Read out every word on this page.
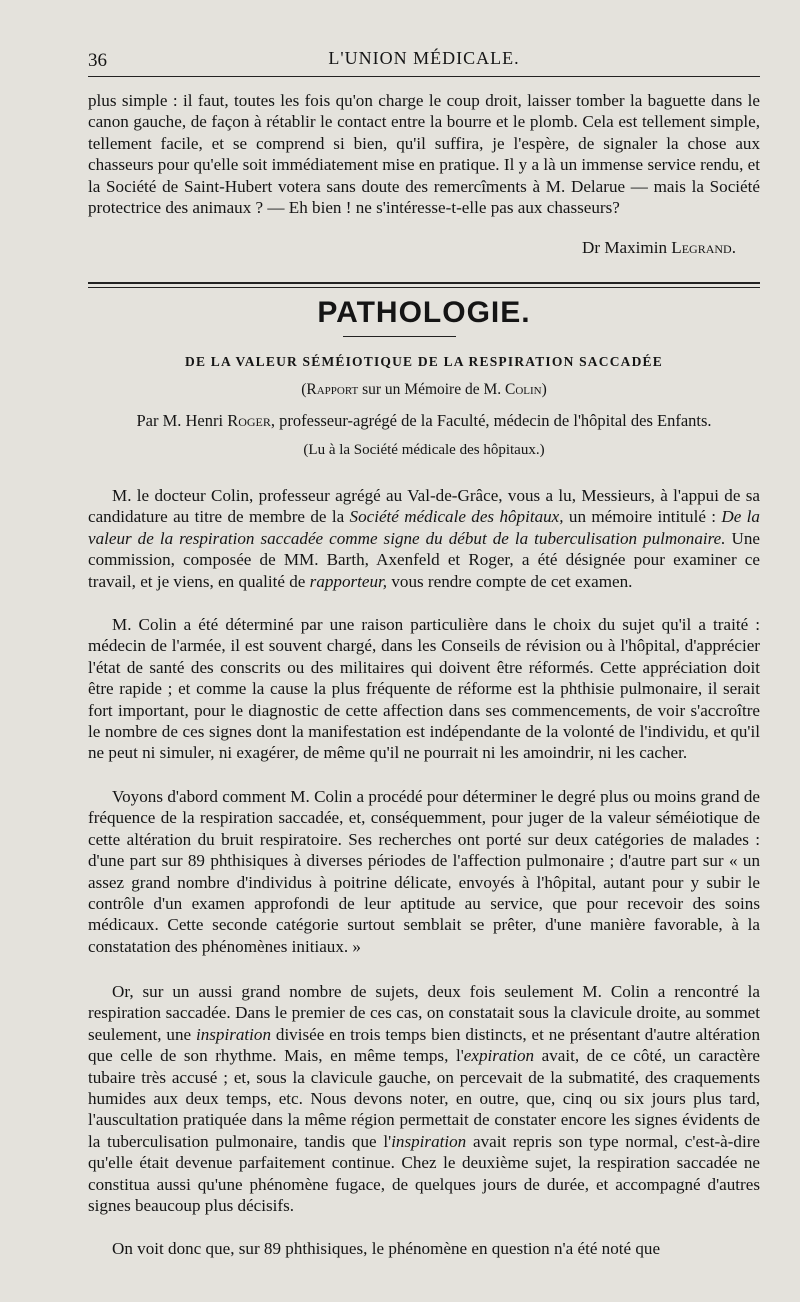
36	L'UNION MÉDICALE.

plus simple : il faut, toutes les fois qu'on charge le coup droit, laisser tomber la baguette dans le canon gauche, de façon à rétablir le contact entre la bourre et le plomb. Cela est tellement simple, tellement facile, et se comprend si bien, qu'il suffira, je l'espère, de signaler la chose aux chasseurs pour qu'elle soit immédiatement mise en pratique. Il y a là un immense service rendu, et la Société de Saint-Hubert votera sans doute des remercîments à M. Delarue — mais la Société protectrice des animaux ? — Eh bien ! ne s'intéresse-t-elle pas aux chasseurs?

Dr Maximin Legrand.
PATHOLOGIE.
DE LA VALEUR SÉMÉIOTIQUE DE LA RESPIRATION SACCADÉE
(Rapport sur un Mémoire de M. Colin)
Par M. Henri Roger, professeur-agrégé de la Faculté, médecin de l'hôpital des Enfants.
(Lu à la Société médicale des hôpitaux.)

M. le docteur Colin, professeur agrégé au Val-de-Grâce, vous a lu, Messieurs, à l'appui de sa candidature au titre de membre de la Société médicale des hôpitaux, un mémoire intitulé : De la valeur de la respiration saccadée comme signe du début de la tuberculisation pulmonaire. Une commission, composée de MM. Barth, Axenfeld et Roger, a été désignée pour examiner ce travail, et je viens, en qualité de rapporteur, vous rendre compte de cet examen.

M. Colin a été déterminé par une raison particulière dans le choix du sujet qu'il a traité : médecin de l'armée, il est souvent chargé, dans les Conseils de révision ou à l'hôpital, d'apprécier l'état de santé des conscrits ou des militaires qui doivent être réformés. Cette appréciation doit être rapide ; et comme la cause la plus fréquente de réforme est la phthisie pulmonaire, il serait fort important, pour le diagnostic de cette affection dans ses commencements, de voir s'accroître le nombre de ces signes dont la manifestation est indépendante de la volonté de l'individu, et qu'il ne peut ni simuler, ni exagérer, de même qu'il ne pourrait ni les amoindrir, ni les cacher.

Voyons d'abord comment M. Colin a procédé pour déterminer le degré plus ou moins grand de fréquence de la respiration saccadée, et, conséquemment, pour juger de la valeur séméiotique de cette altération du bruit respiratoire. Ses recherches ont porté sur deux catégories de malades : d'une part sur 89 phthisiques à diverses périodes de l'affection pulmonaire ; d'autre part sur « un assez grand nombre d'individus à poitrine délicate, envoyés à l'hôpital, autant pour y subir le contrôle d'un examen approfondi de leur aptitude au service, que pour recevoir des soins médicaux. Cette seconde catégorie surtout semblait se prêter, d'une manière favorable, à la constatation des phénomènes initiaux. »

Or, sur un aussi grand nombre de sujets, deux fois seulement M. Colin a rencontré la respiration saccadée. Dans le premier de ces cas, on constatait sous la clavicule droite, au sommet seulement, une inspiration divisée en trois temps bien distincts, et ne présentant d'autre altération que celle de son rhythme. Mais, en même temps, l'expiration avait, de ce côté, un caractère tubaire très accusé ; et, sous la clavicule gauche, on percevait de la submatité, des craquements humides aux deux temps, etc. Nous devons noter, en outre, que, cinq ou six jours plus tard, l'auscultation pratiquée dans la même région permettait de constater encore les signes évidents de la tuberculisation pulmonaire, tandis que l'inspiration avait repris son type normal, c'est-à-dire qu'elle était devenue parfaitement continue. Chez le deuxième sujet, la respiration saccadée ne constitua aussi qu'une phénomène fugace, de quelques jours de durée, et accompagné d'autres signes beaucoup plus décisifs.

On voit donc que, sur 89 phthisiques, le phénomène en question n'a été noté que
